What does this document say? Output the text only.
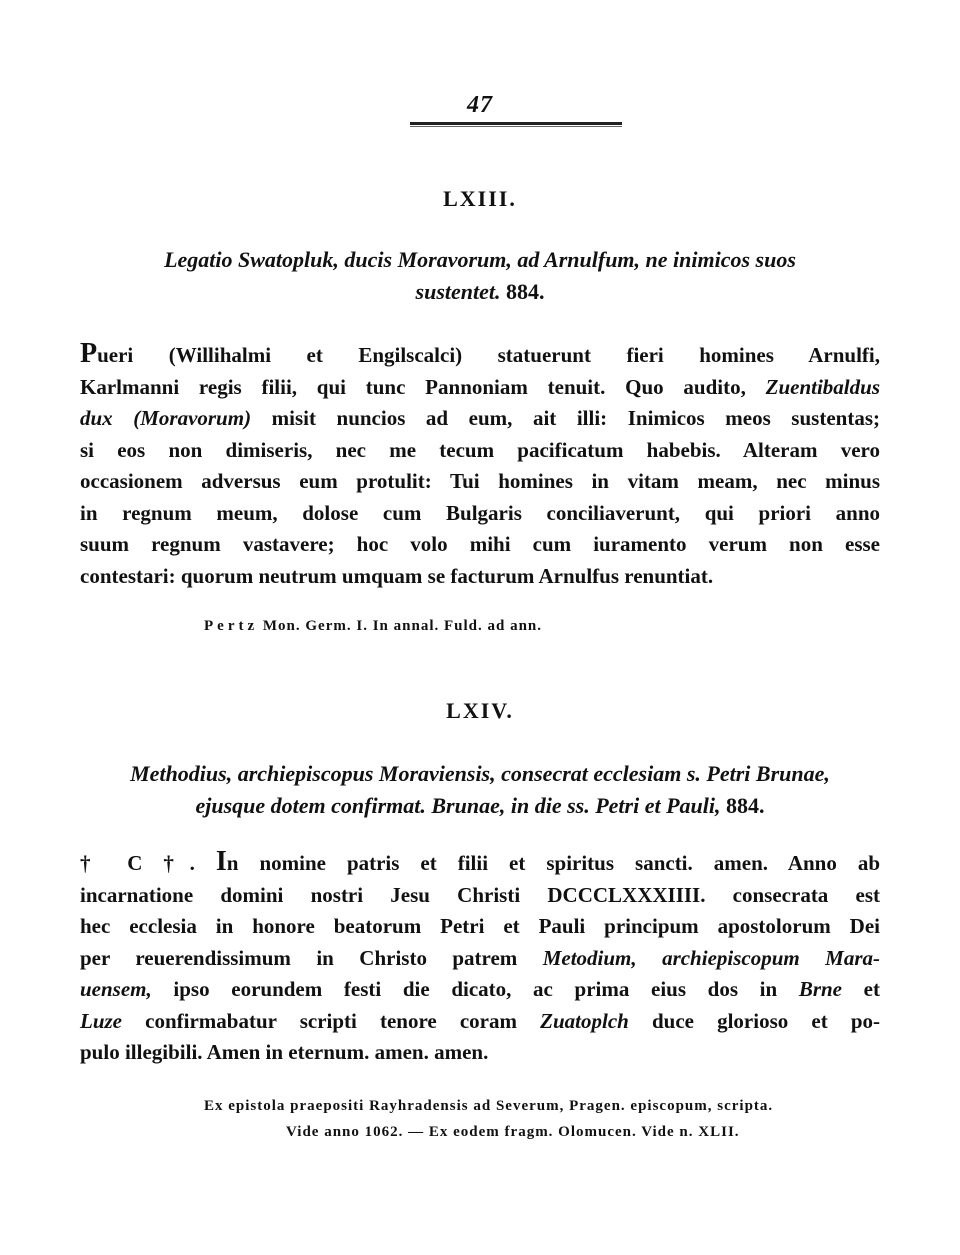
47
LXIII.
Legatio Swatopluk, ducis Moravorum, ad Arnulfum, ne inimicos suos
sustentet. 884.
Pueri (Willihalmi et Engilscalci) statuerunt fieri homines Arnulfi,
Karlmanni regis filii, qui tunc Pannoniam tenuit. Quo audito, Zuentibaldus
dux (Moravorum) misit nuncios ad eum, ait illi: Inimicos meos sustentas;
si eos non dimiseris, nec me tecum pacificatum habebis. Alteram vero
occasionem adversus eum protulit: Tui homines in vitam meam, nec minus
in regnum meum, dolose cum Bulgaris conciliaverunt, qui priori anno
suum regnum vastavere; hoc volo mihi cum iuramento verum non esse
contestari: quorum neutrum umquam se facturum Arnulfus renuntiat.
Pertz Mon. Germ. I. In annal. Fuld. ad ann.
LXIV.
Methodius, archiepiscopus Moraviensis, consecrat ecclesiam s. Petri Brunae,
ejusque dotem confirmat. Brunae, in die ss. Petri et Pauli, 884.
† C †. In nomine patris et filii et spiritus sancti. amen. Anno ab
incarnatione domini nostri Jesu Christi DCCCLXXXIIII. consecrata est
hec ecclesia in honore beatorum Petri et Pauli principum apostolorum Dei
per reuerendissimum in Christo patrem Metodium, archiepiscopum Mara-
uensem, ipso eorundem festi die dicato, ac prima eius dos in Brne et
Luze confirmabatur scripti tenore coram Zuatoplch duce glorioso et po-
pulo illegibili. Amen in eternum. amen. amen.
Ex epistola praepositi Rayhradensis ad Severum, Pragen. episcopum, scripta.
Vide anno 1062. — Ex eodem fragm. Olomucen. Vide n. XLII.
